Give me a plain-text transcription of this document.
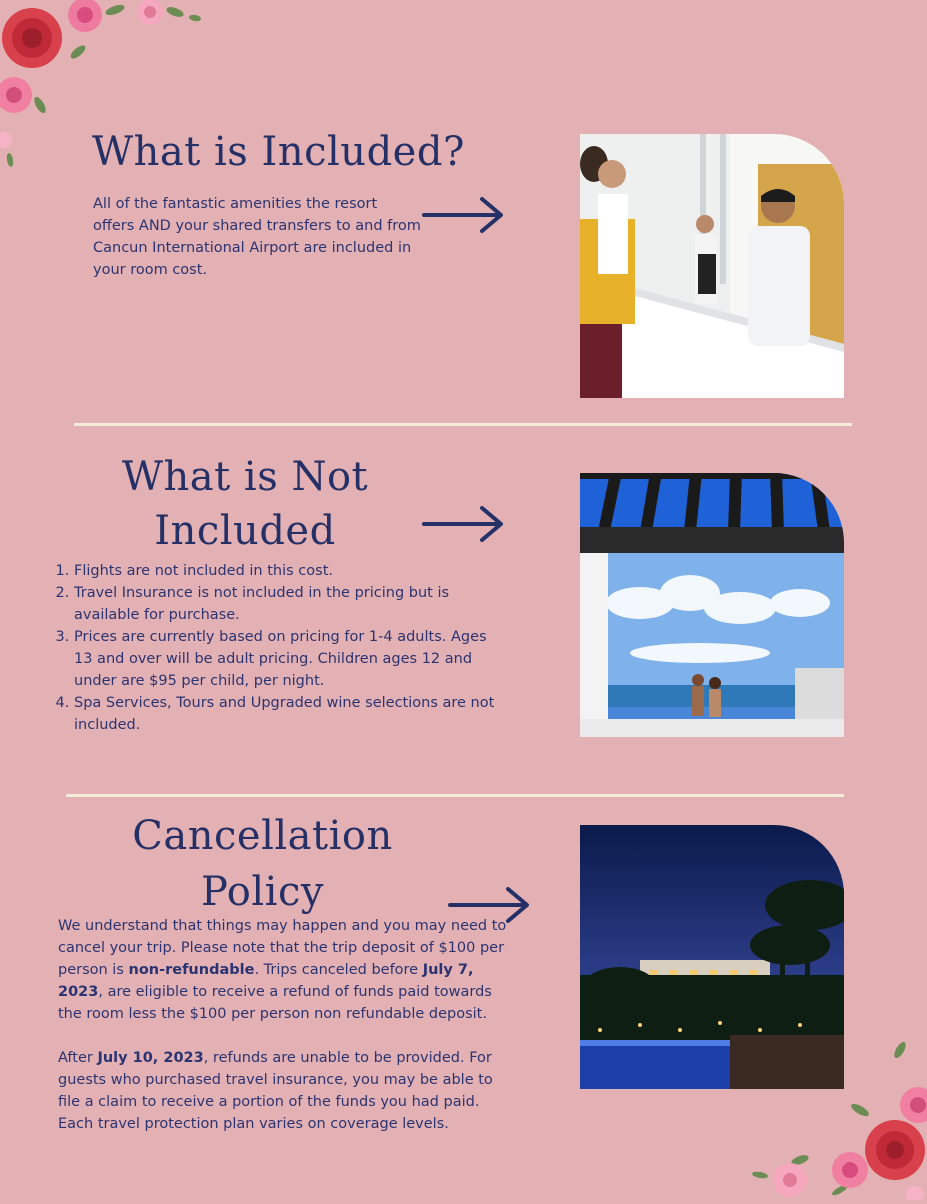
What is Included?

All of the fantastic amenities the resort offers AND your shared transfers to and from Cancun International Airport are included in your room cost.

What is Not
Included
1. Flights are not included in this cost.
2. Travel Insurance is not included in the pricing but is available for purchase.
3. Prices are currently based on pricing for 1-4 adults. Ages 13 and over will be adult pricing. Children ages 12 and under are $95 per child, per night.
4. Spa Services, Tours and Upgraded wine selections are not included.
Cancellation
Policy

We understand that things may happen and you may need to cancel your trip. Please note that the trip deposit of $100 per person is non-refundable. Trips canceled before July 7, 2023, are eligible to receive a refund of funds paid towards the room less the $100 per person non refundable deposit.

After July 10, 2023, refunds are unable to be provided. For guests who purchased travel insurance, you may be able to file a claim to receive a portion of the funds you had paid. Each travel protection plan varies on coverage levels.
